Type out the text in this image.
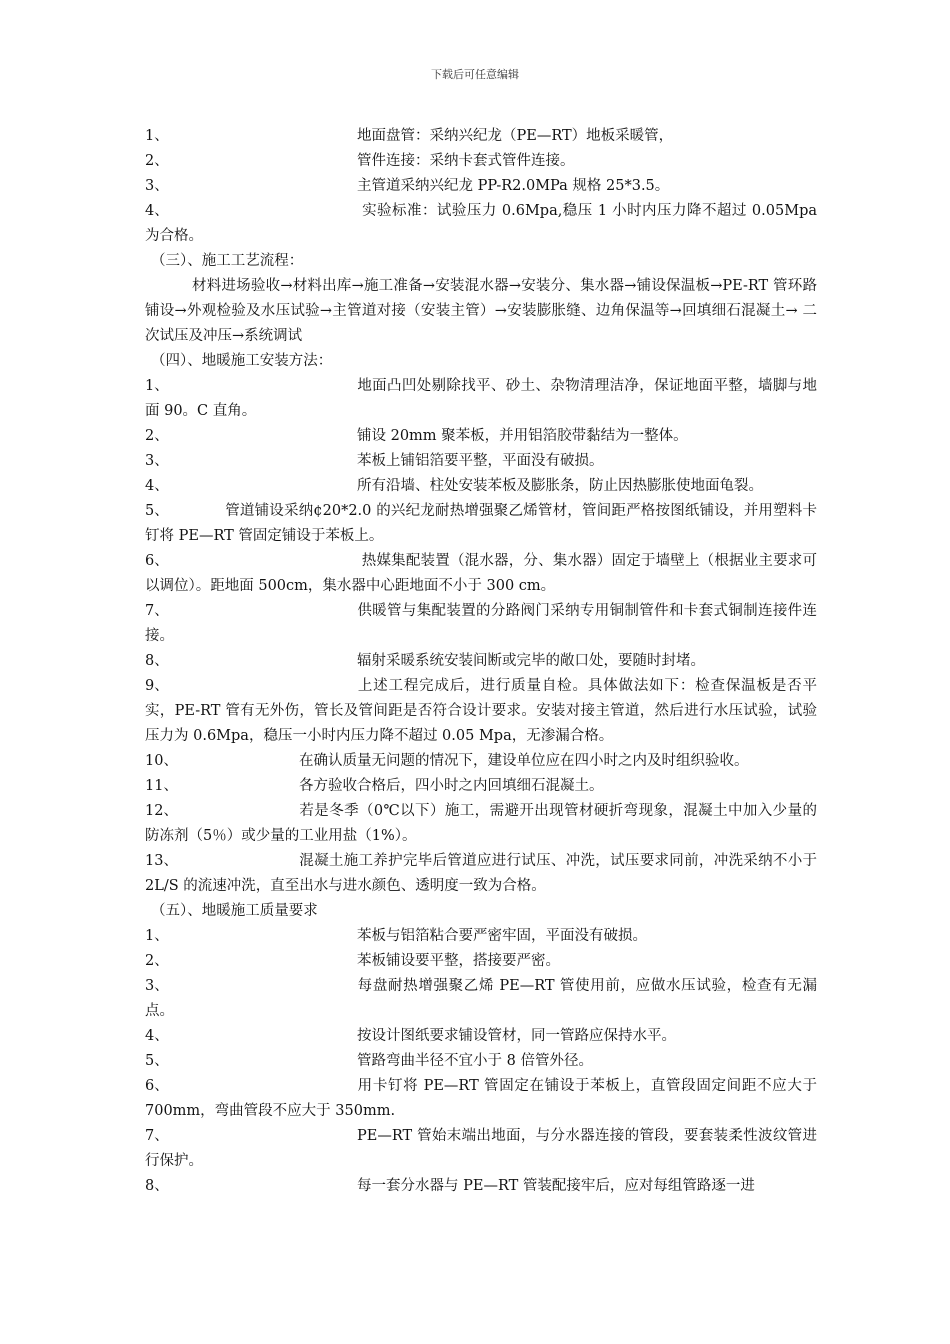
下载后可任意编辑

1、	地面盘管：采纳兴纪龙（PE—RT）地板采暖管，

2、	管件连接：采纳卡套式管件连接。

3、	主管道采纳兴纪龙 PP-R2.0MPa 规格 25*3.5。

4、	实验标准：试验压力 0.6Mpa,稳压 1 小时内压力降不超过 0.05Mpa 为合格。

（三）、施工工艺流程：

材料进场验收→材料出库→施工准备→安装混水器→安装分、集水器→铺设保温板→PE-RT 管环路铺设→外观检验及水压试验→主管道对接（安装主管）→安装膨胀缝、边角保温等→回填细石混凝土→ 二次试压及冲压→系统调试

（四）、地暖施工安装方法：

1、	地面凸凹处剔除找平、砂土、杂物清理洁净，保证地面平整，墙脚与地面 90。C 直角。

2、	铺设 20mm 聚苯板，并用铝箔胶带黏结为一整体。

3、	苯板上铺铝箔要平整，平面没有破损。

4、	所有沿墙、柱处安装苯板及膨胀条，防止因热膨胀使地面龟裂。

5、	管道铺设采纳¢20*2.0 的兴纪龙耐热增强聚乙烯管材，管间距严格按图纸铺设，并用塑料卡钉将 PE—RT 管固定铺设于苯板上。

6、	热媒集配装置（混水器，分、集水器）固定于墙壁上（根据业主要求可以调位）。距地面 500cm，集水器中心距地面不小于 300 cm。

7、	供暖管与集配装置的分路阀门采纳专用铜制管件和卡套式铜制连接件连接。

8、	辐射采暖系统安装间断或完毕的敞口处，要随时封堵。

9、	上述工程完成后，进行质量自检。具体做法如下：检查保温板是否平实，PE-RT 管有无外伤，管长及管间距是否符合设计要求。安装对接主管道，然后进行水压试验，试验压力为 0.6Mpa，稳压一小时内压力降不超过 0.05 Mpa，无渗漏合格。

10、	在确认质量无问题的情况下，建设单位应在四小时之内及时组织验收。

11、	各方验收合格后，四小时之内回填细石混凝土。

12、	若是冬季（0℃以下）施工，需避开出现管材硬折弯现象，混凝土中加入少量的防冻剂（5％）或少量的工业用盐（1%）。

13、	混凝土施工养护完毕后管道应进行试压、冲洗，试压要求同前，冲洗采纳不小于 2L/S 的流速冲洗，直至出水与进水颜色、透明度一致为合格。

（五）、地暖施工质量要求

1、	苯板与铝箔粘合要严密牢固，平面没有破损。

2、	苯板铺设要平整，搭接要严密。

3、	每盘耐热增强聚乙烯 PE—RT 管使用前，应做水压试验，检查有无漏点。

4、	按设计图纸要求铺设管材，同一管路应保持水平。

5、	管路弯曲半径不宜小于 8 倍管外径。

6、	用卡钉将 PE—RT 管固定在铺设于苯板上，直管段固定间距不应大于 700mm，弯曲管段不应大于 350mm.

7、	PE—RT 管始末端出地面，与分水器连接的管段，要套装柔性波纹管进行保护。

8、	每一套分水器与 PE—RT 管装配接牢后，应对每组管路逐一进
